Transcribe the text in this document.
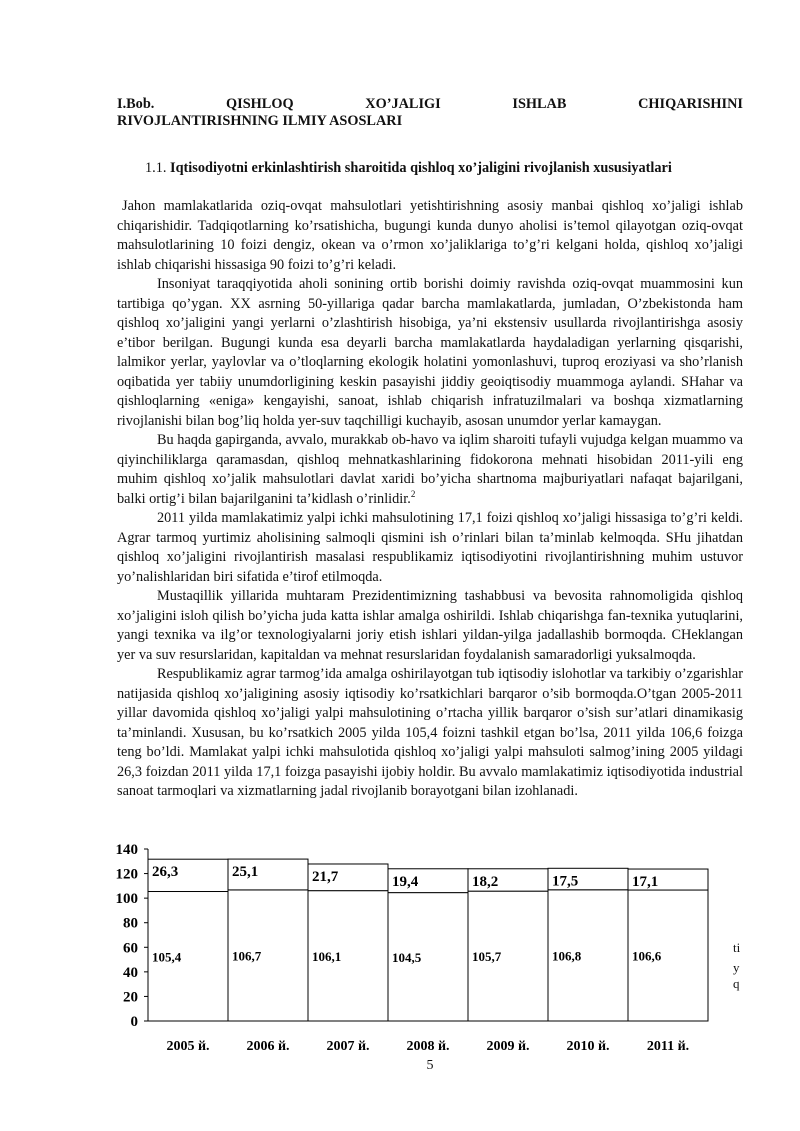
I.Bob.	QISHLOQ	XO’JALIGI	ISHLAB	CHIQARISHINI
RIVOJLANTIRISHNING ILMIY ASOSLARI
1.1. Iqtisodiyotni erkinlashtirish sharoitida qishloq xo’jaligini rivojlanish xususiyatlari

Jahon mamlakatlarida oziq-ovqat mahsulotlari yetishtirishning asosiy manbai qishloq xo’jaligi ishlab chiqarishidir. Tadqiqotlarning ko’rsatishicha, bugungi kunda dunyo aholisi is’temol qilayotgan oziq-ovqat mahsulotlarining 10 foizi dengiz, okean va o’rmon xo’jaliklariga to’g’ri kelgani holda, qishloq xo’jaligi ishlab chiqarishi hissasiga 90 foizi to’g’ri keladi.

Insoniyat taraqqiyotida aholi sonining ortib borishi doimiy ravishda oziq-ovqat muammosini kun tartibiga qo’ygan. XX asrning 50-yillariga qadar barcha mamlakatlarda, jumladan, O’zbekistonda ham qishloq xo’jaligini yangi yerlarni o’zlashtirish hisobiga, ya’ni ekstensiv usullarda rivojlantirishga asosiy e’tibor berilgan. Bugungi kunda esa deyarli barcha mamlakatlarda haydaladigan yerlarning qisqarishi, lalmikor yerlar, yaylovlar va o’tloqlarning ekologik holatini yomonlashuvi, tuproq eroziyasi va sho’rlanish oqibatida yer tabiiy unumdorligining keskin pasayishi jiddiy geoiqtisodiy muammoga aylandi. SHahar va qishloqlarning «eniga» kengayishi, sanoat, ishlab chiqarish infratuzilmalari va boshqa xizmatlarning rivojlanishi bilan bog’liq holda yer-suv taqchilligi kuchayib, asosan unumdor yerlar kamaygan.

Bu haqda gapirganda, avvalo, murakkab ob-havo va iqlim sharoiti tufayli vujudga kelgan muammo va qiyinchiliklarga qaramasdan, qishloq mehnatkashlarining fidokorona mehnati hisobidan 2011-yili eng muhim qishloq xo’jalik mahsulotlari davlat xaridi bo’yicha shartnoma majburiyatlari nafaqat bajarilgani, balki ortig’i bilan bajarilganini ta’kidlash o’rinlidir.$^2$

2011 yilda mamlakatimiz yalpi ichki mahsulotining 17,1 foizi qishloq xo’jaligi hissasiga to’g’ri keldi. Agrar tarmoq yurtimiz aholisining salmoqli qismini ish o’rinlari bilan ta’minlab kelmoqda. SHu jihatdan qishloq xo’jaligini rivojlantirish masalasi respublikamiz iqtisodiyotini rivojlantirishning muhim ustuvor yo’nalishlaridan biri sifatida e’tirof etilmoqda.

Mustaqillik yillarida muhtaram Prezidentimizning tashabbusi va bevosita rahnomoligida qishloq xo’jaligini isloh qilish bo’yicha juda katta ishlar amalga oshirildi. Ishlab chiqarishga fan-texnika yutuqlarini, yangi texnika va ilg’or texnologiyalarni joriy etish ishlari yildan-yilga jadallashib bormoqda. CHeklangan yer va suv resurslaridan, kapitaldan va mehnat resurslaridan foydalanish samaradorligi yuksalmoqda.

Respublikamiz agrar tarmog’ida amalga oshirilayotgan tub iqtisodiy islohotlar va tarkibiy o’zgarishlar natijasida qishloq xo’jaligining asosiy iqtisodiy ko’rsatkichlari barqaror o’sib bormoqda.O’tgan 2005-2011 yillar davomida qishloq xo’jaligi yalpi mahsulotining o’rtacha yillik barqaror o’sish sur’atlari dinamikasig ta’minlandi. Xususan, bu ko’rsatkich 2005 yilda 105,4 foizni tashkil etgan bo’lsa, 2011 yilda 106,6 foizga teng bo’ldi. Mamlakat yalpi ichki mahsulotida qishloq xo’jaligi yalpi mahsuloti salmog’ining 2005 yildagi 26,3 foizdan 2011 yilda 17,1 foizga pasayishi ijobiy holdir. Bu avvalo mamlakatimiz iqtisodiyotida industrial sanoat tarmoqlari va xizmatlarning jadal rivojlanib borayotgani bilan izohlanadi.

0
20
40
60
80
100
120
140
105,4
26,3
2005 й.
106,7
25,1
2006 й.
106,1
21,7
2007 й.
104,5
19,4
2008 й.
105,7
18,2
2009 й.
106,8
17,5
2010 й.
106,6
17,1
2011 й.
ti
y
q
5
